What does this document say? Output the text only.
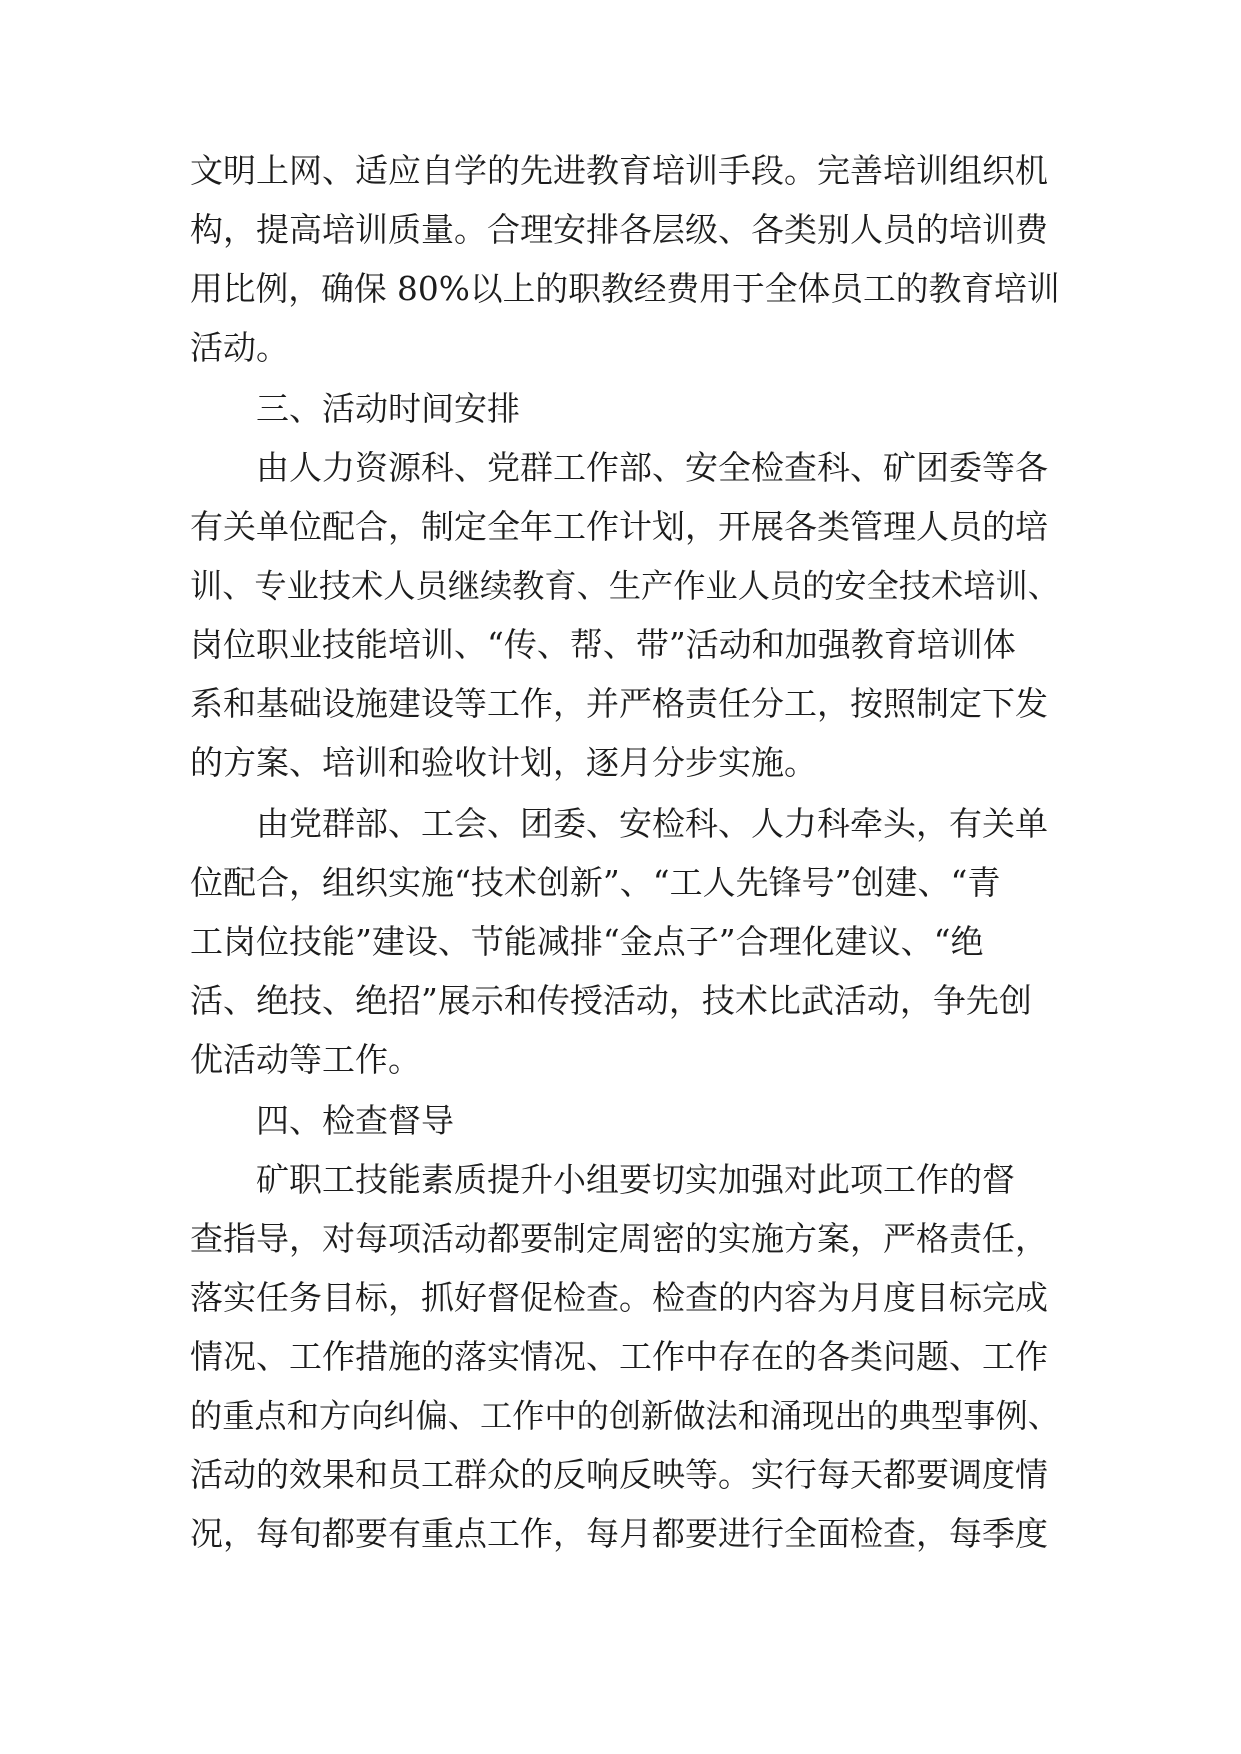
文明上网、适应自学的先进教育培训手段。完善培训组织机
构，提高培训质量。合理安排各层级、各类别人员的培训费
用比例，确保 80%以上的职教经费用于全体员工的教育培训
活动。
三、活动时间安排
由人力资源科、党群工作部、安全检查科、矿团委等各
有关单位配合，制定全年工作计划，开展各类管理人员的培
训、专业技术人员继续教育、生产作业人员的安全技术培训、
岗位职业技能培训、“传、帮、带”活动和加强教育培训体
系和基础设施建设等工作，并严格责任分工，按照制定下发
的方案、培训和验收计划，逐月分步实施。
由党群部、工会、团委、安检科、人力科牵头，有关单
位配合，组织实施“技术创新”、“工人先锋号”创建、“青
工岗位技能”建设、节能减排“金点子”合理化建议、“绝
活、绝技、绝招”展示和传授活动，技术比武活动，争先创
优活动等工作。
四、检查督导
矿职工技能素质提升小组要切实加强对此项工作的督
查指导，对每项活动都要制定周密的实施方案，严格责任，
落实任务目标，抓好督促检查。检查的内容为月度目标完成
情况、工作措施的落实情况、工作中存在的各类问题、工作
的重点和方向纠偏、工作中的创新做法和涌现出的典型事例、
活动的效果和员工群众的反响反映等。实行每天都要调度情
况，每旬都要有重点工作，每月都要进行全面检查，每季度
